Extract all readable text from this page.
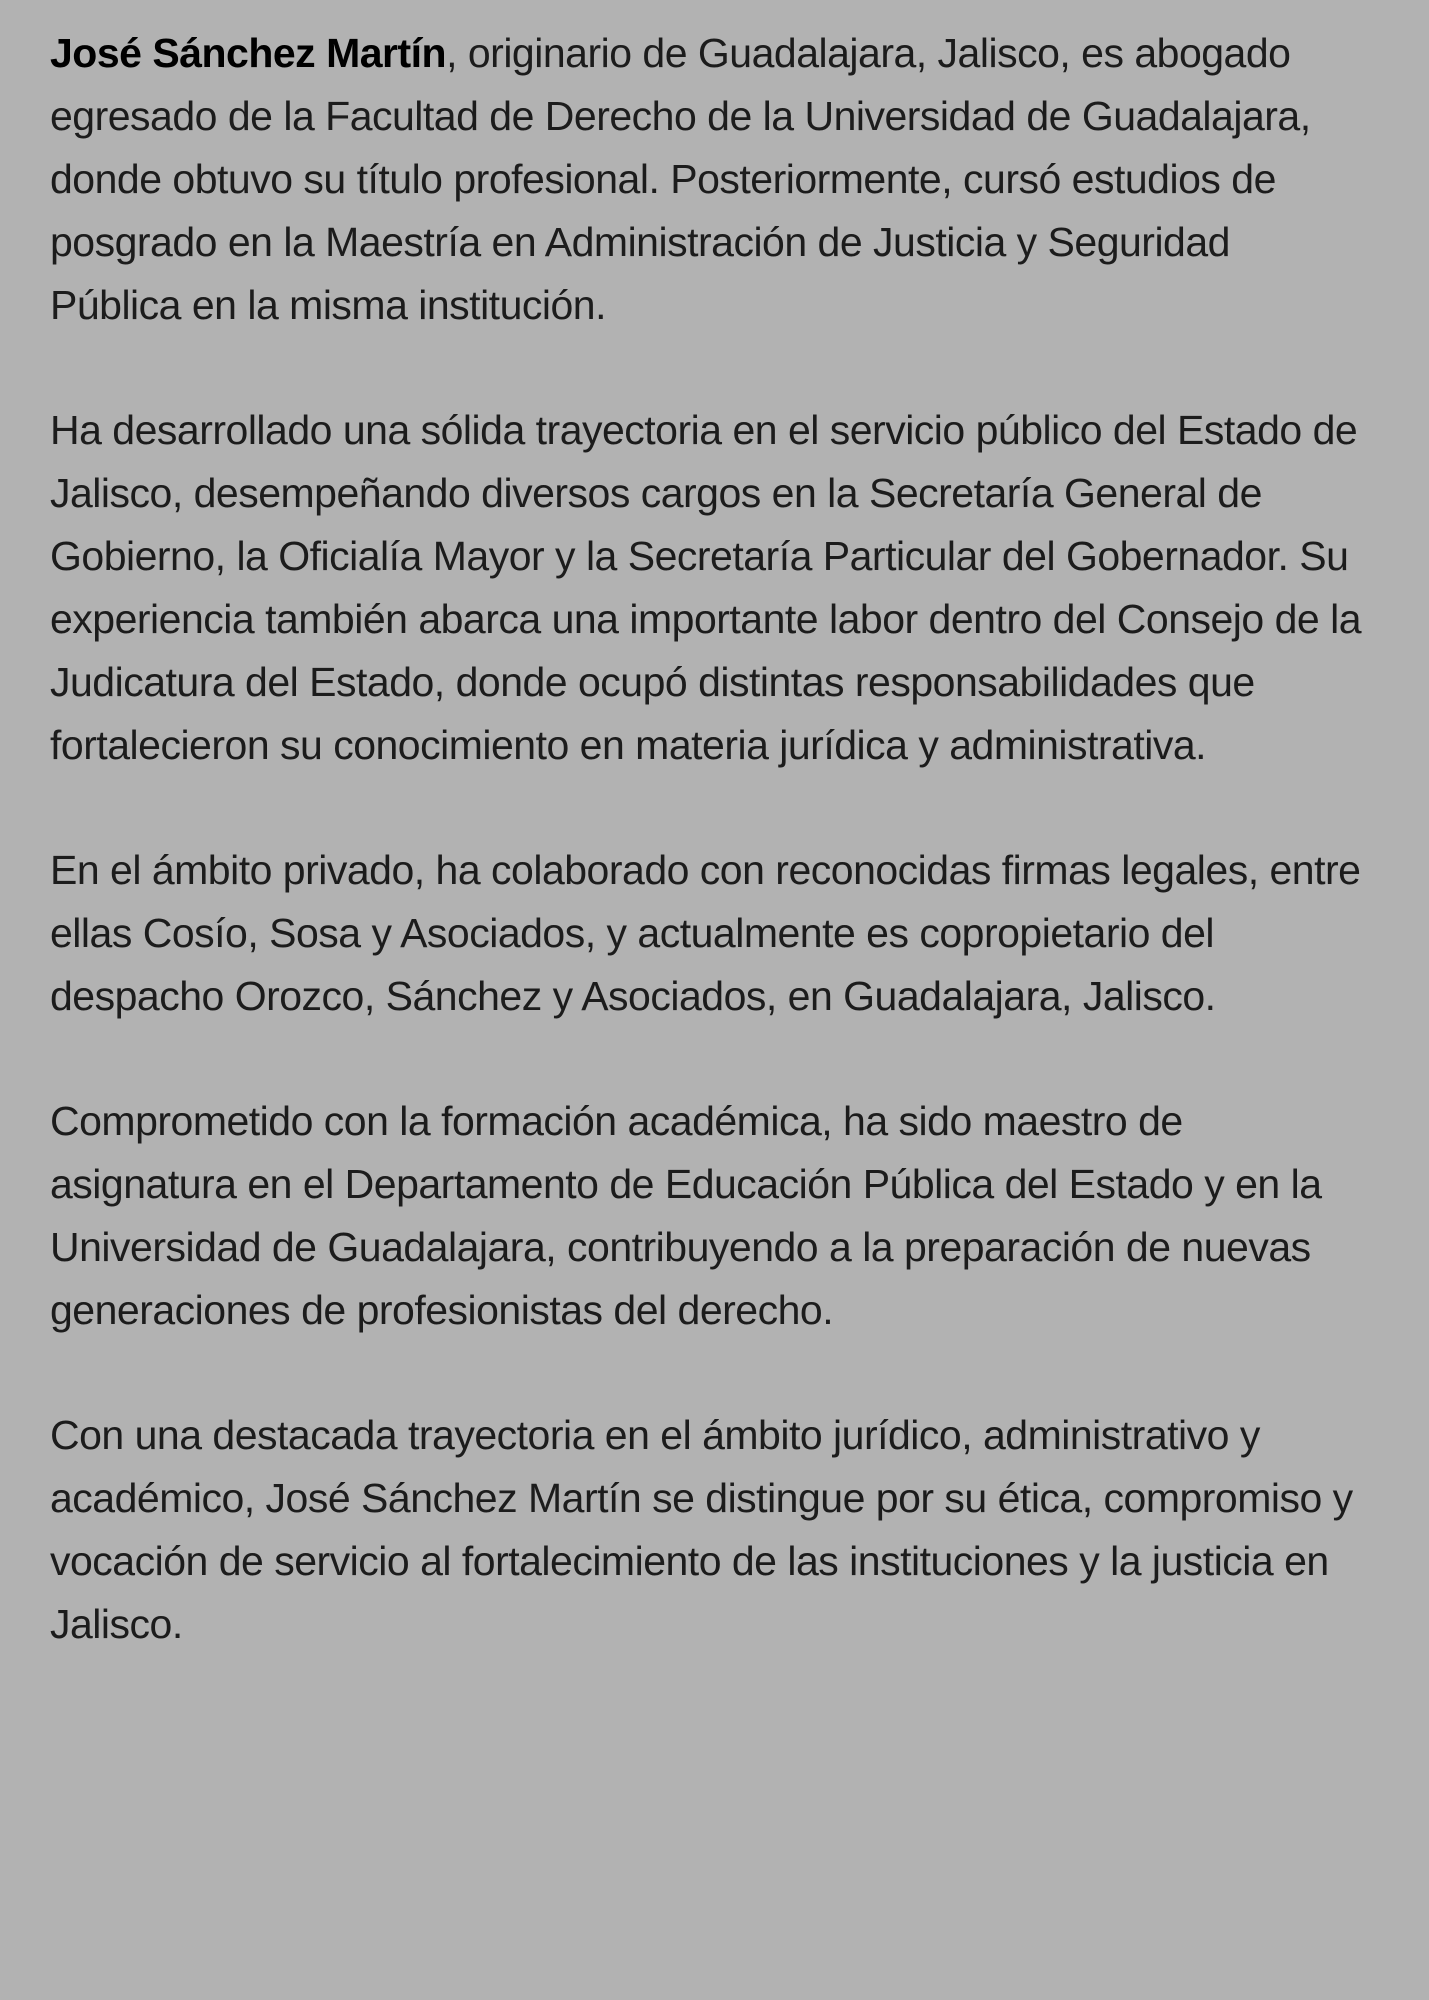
José Sánchez Martín, originario de Guadalajara, Jalisco, es abogado egresado de la Facultad de Derecho de la Universidad de Guadalajara, donde obtuvo su título profesional. Posteriormente, cursó estudios de posgrado en la Maestría en Administración de Justicia y Seguridad Pública en la misma institución.

Ha desarrollado una sólida trayectoria en el servicio público del Estado de Jalisco, desempeñando diversos cargos en la Secretaría General de Gobierno, la Oficialía Mayor y la Secretaría Particular del Gobernador. Su experiencia también abarca una importante labor dentro del Consejo de la Judicatura del Estado, donde ocupó distintas responsabilidades que fortalecieron su conocimiento en materia jurídica y administrativa.

En el ámbito privado, ha colaborado con reconocidas firmas legales, entre ellas Cosío, Sosa y Asociados, y actualmente es copropietario del despacho Orozco, Sánchez y Asociados, en Guadalajara, Jalisco.

Comprometido con la formación académica, ha sido maestro de asignatura en el Departamento de Educación Pública del Estado y en la Universidad de Guadalajara, contribuyendo a la preparación de nuevas generaciones de profesionistas del derecho.

Con una destacada trayectoria en el ámbito jurídico, administrativo y académico, José Sánchez Martín se distingue por su ética, compromiso y vocación de servicio al fortalecimiento de las instituciones y la justicia en Jalisco.
